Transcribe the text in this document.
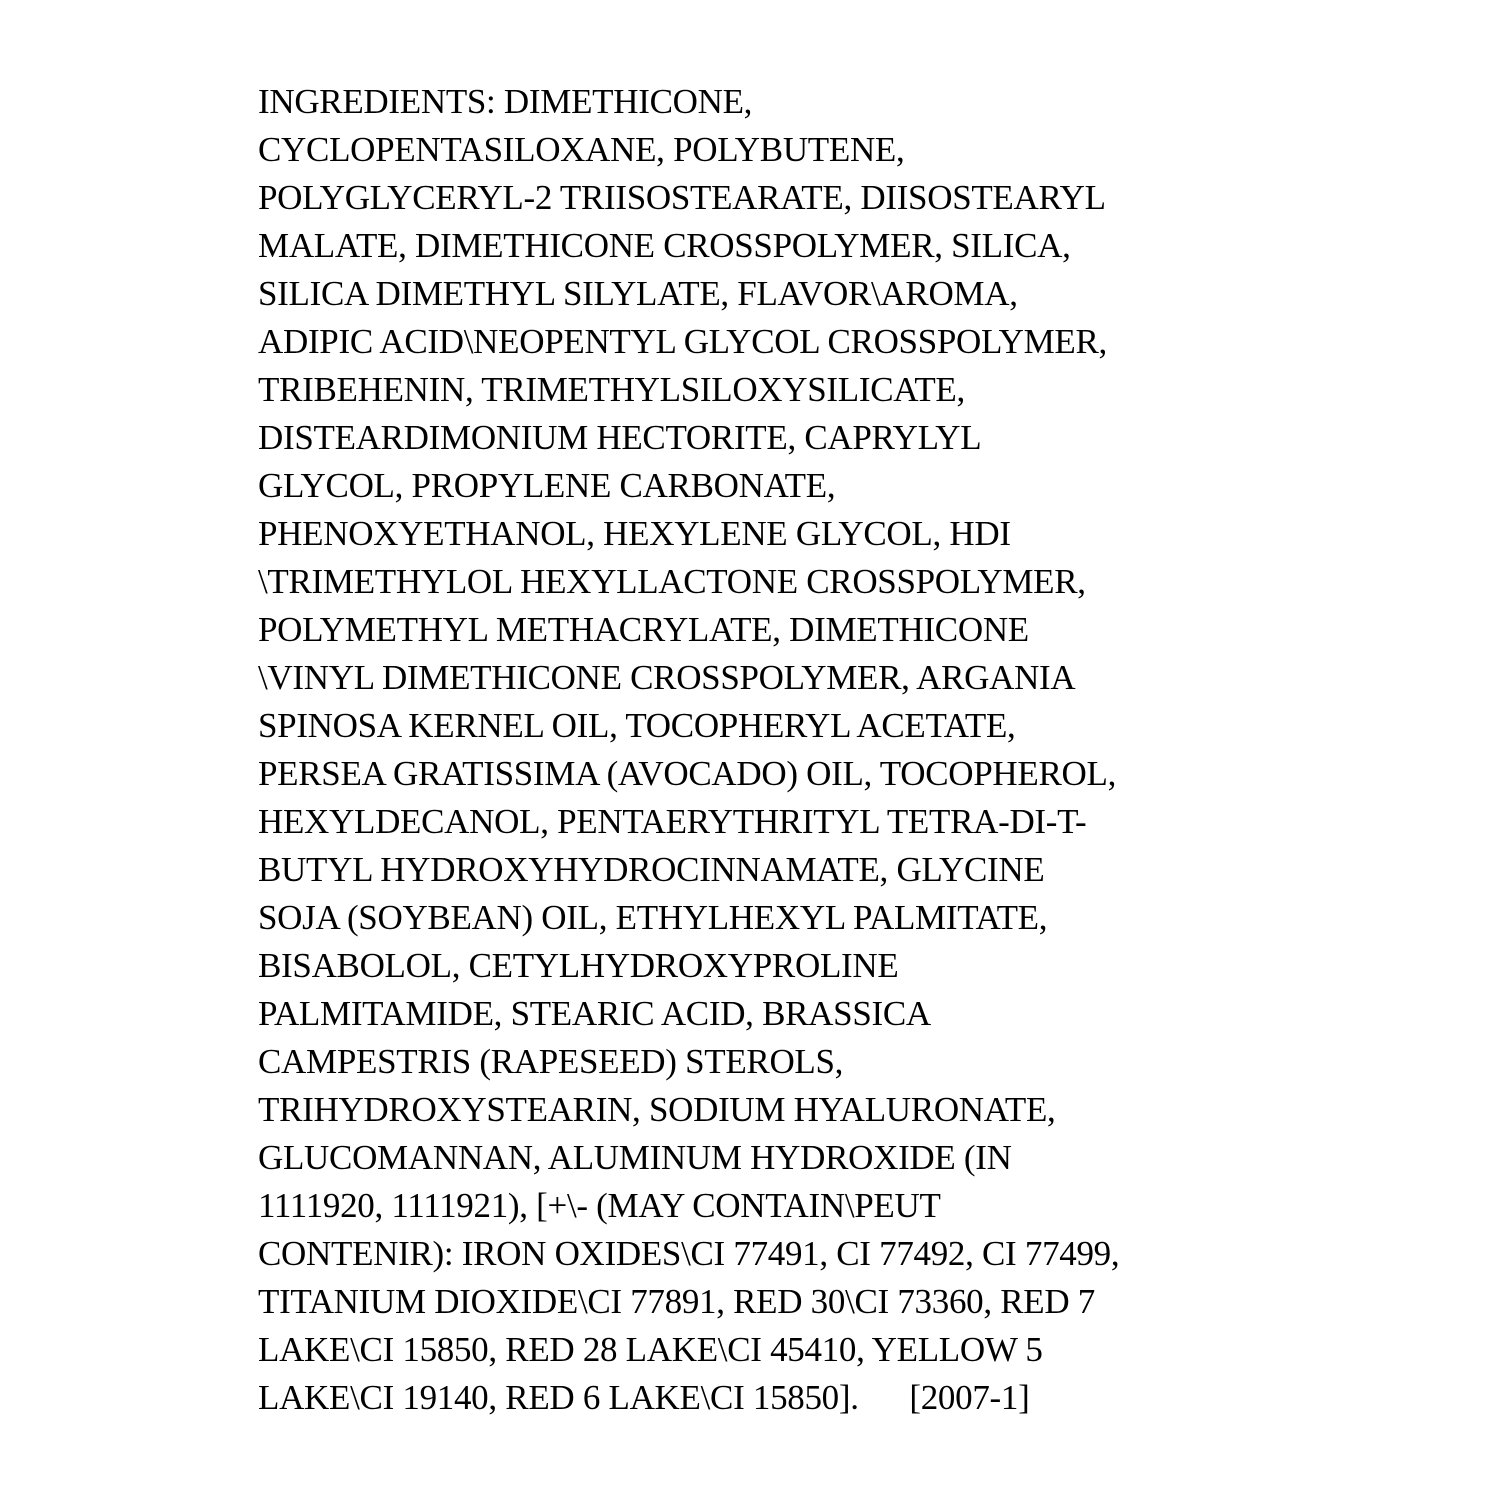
INGREDIENTS: DIMETHICONE,
CYCLOPENTASILOXANE, POLYBUTENE,
POLYGLYCERYL-2 TRIISOSTEARATE, DIISOSTEARYL
MALATE, DIMETHICONE CROSSPOLYMER, SILICA,
SILICA DIMETHYL SILYLATE, FLAVOR\AROMA,
ADIPIC ACID\NEOPENTYL GLYCOL CROSSPOLYMER,
TRIBEHENIN, TRIMETHYLSILOXYSILICATE,
DISTEARDIMONIUM HECTORITE, CAPRYLYL
GLYCOL, PROPYLENE CARBONATE,
PHENOXYETHANOL, HEXYLENE GLYCOL, HDI
\TRIMETHYLOL HEXYLLACTONE CROSSPOLYMER,
POLYMETHYL METHACRYLATE, DIMETHICONE
\VINYL DIMETHICONE CROSSPOLYMER, ARGANIA
SPINOSA KERNEL OIL, TOCOPHERYL ACETATE,
PERSEA GRATISSIMA (AVOCADO) OIL, TOCOPHEROL,
HEXYLDECANOL, PENTAERYTHRITYL TETRA-DI-T-
BUTYL HYDROXYHYDROCINNAMATE, GLYCINE
SOJA (SOYBEAN) OIL, ETHYLHEXYL PALMITATE,
BISABOLOL, CETYLHYDROXYPROLINE
PALMITAMIDE, STEARIC ACID, BRASSICA
CAMPESTRIS (RAPESEED) STEROLS,
TRIHYDROXYSTEARIN, SODIUM HYALURONATE,
GLUCOMANNAN, ALUMINUM HYDROXIDE (IN
1111920, 1111921), [+\- (MAY CONTAIN\PEUT
CONTENIR): IRON OXIDES\CI 77491, CI 77492, CI 77499,
TITANIUM DIOXIDE\CI 77891, RED 30\CI 73360, RED 7
LAKE\CI 15850, RED 28 LAKE\CI 45410, YELLOW 5
LAKE\CI 19140, RED 6 LAKE\CI 15850].      [2007-1]
